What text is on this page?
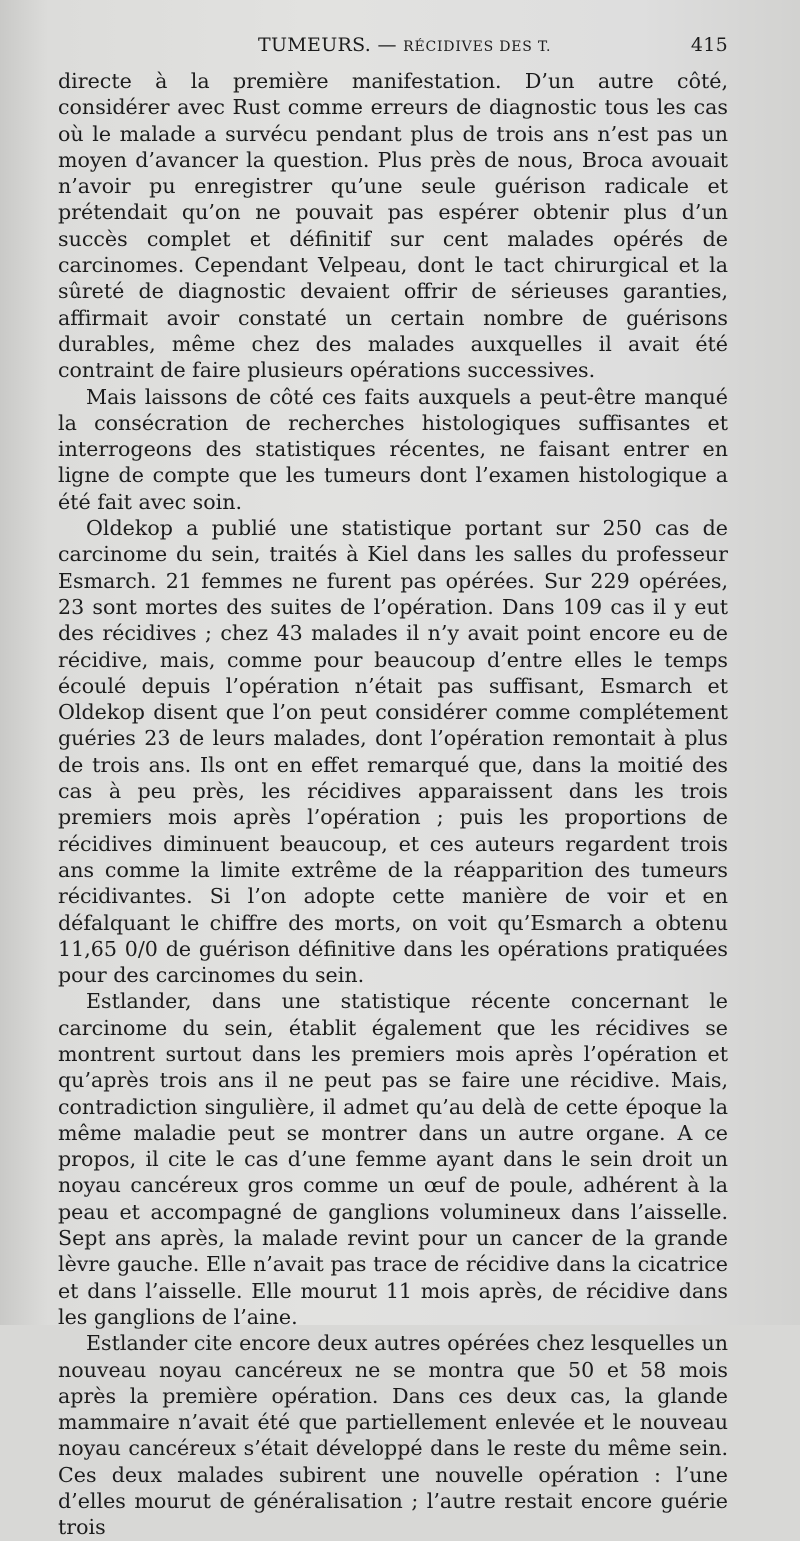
TUMEURS. — RÉCIDIVES DES T.	415

directe à la première manifestation. D’un autre côté, considérer avec Rust comme erreurs de diagnostic tous les cas où le malade a survécu pendant plus de trois ans n’est pas un moyen d’avancer la question. Plus près de nous, Broca avouait n’avoir pu enregistrer qu’une seule guérison radicale et prétendait qu’on ne pouvait pas espérer obtenir plus d’un succès complet et définitif sur cent malades opérés de carcinomes. Cependant Velpeau, dont le tact chirurgical et la sûreté de diagnostic devaient offrir de sérieuses garanties, affirmait avoir constaté un certain nombre de guérisons durables, même chez des malades auxquelles il avait été contraint de faire plusieurs opérations successives.

Mais laissons de côté ces faits auxquels a peut-être manqué la consécration de recherches histologiques suffisantes et interrogeons des statistiques récentes, ne faisant entrer en ligne de compte que les tumeurs dont l’examen histologique a été fait avec soin.

Oldekop a publié une statistique portant sur 250 cas de carcinome du sein, traités à Kiel dans les salles du professeur Esmarch. 21 femmes ne furent pas opérées. Sur 229 opérées, 23 sont mortes des suites de l’opération. Dans 109 cas il y eut des récidives ; chez 43 malades il n’y avait point encore eu de récidive, mais, comme pour beaucoup d’entre elles le temps écoulé depuis l’opération n’était pas suffisant, Esmarch et Oldekop disent que l’on peut considérer comme complétement guéries 23 de leurs malades, dont l’opération remontait à plus de trois ans. Ils ont en effet remarqué que, dans la moitié des cas à peu près, les récidives apparaissent dans les trois premiers mois après l’opération ; puis les proportions de récidives diminuent beaucoup, et ces auteurs regardent trois ans comme la limite extrême de la réapparition des tumeurs récidivantes. Si l’on adopte cette manière de voir et en défalquant le chiffre des morts, on voit qu’Esmarch a obtenu 11,65 0/0 de guérison définitive dans les opérations pratiquées pour des carcinomes du sein.

Estlander, dans une statistique récente concernant le carcinome du sein, établit également que les récidives se montrent surtout dans les premiers mois après l’opération et qu’après trois ans il ne peut pas se faire une récidive. Mais, contradiction singulière, il admet qu’au delà de cette époque la même maladie peut se montrer dans un autre organe. A ce propos, il cite le cas d’une femme ayant dans le sein droit un noyau cancéreux gros comme un œuf de poule, adhérent à la peau et accompagné de ganglions volumineux dans l’aisselle. Sept ans après, la malade revint pour un cancer de la grande lèvre gauche. Elle n’avait pas trace de récidive dans la cicatrice et dans l’aisselle. Elle mourut 11 mois après, de récidive dans les ganglions de l’aine.

Estlander cite encore deux autres opérées chez lesquelles un nouveau noyau cancéreux ne se montra que 50 et 58 mois après la première opération. Dans ces deux cas, la glande mammaire n’avait été que partiellement enlevée et le nouveau noyau cancéreux s’était développé dans le reste du même sein. Ces deux malades subirent une nouvelle opération : l’une d’elles mourut de généralisation ; l’autre restait encore guérie trois
